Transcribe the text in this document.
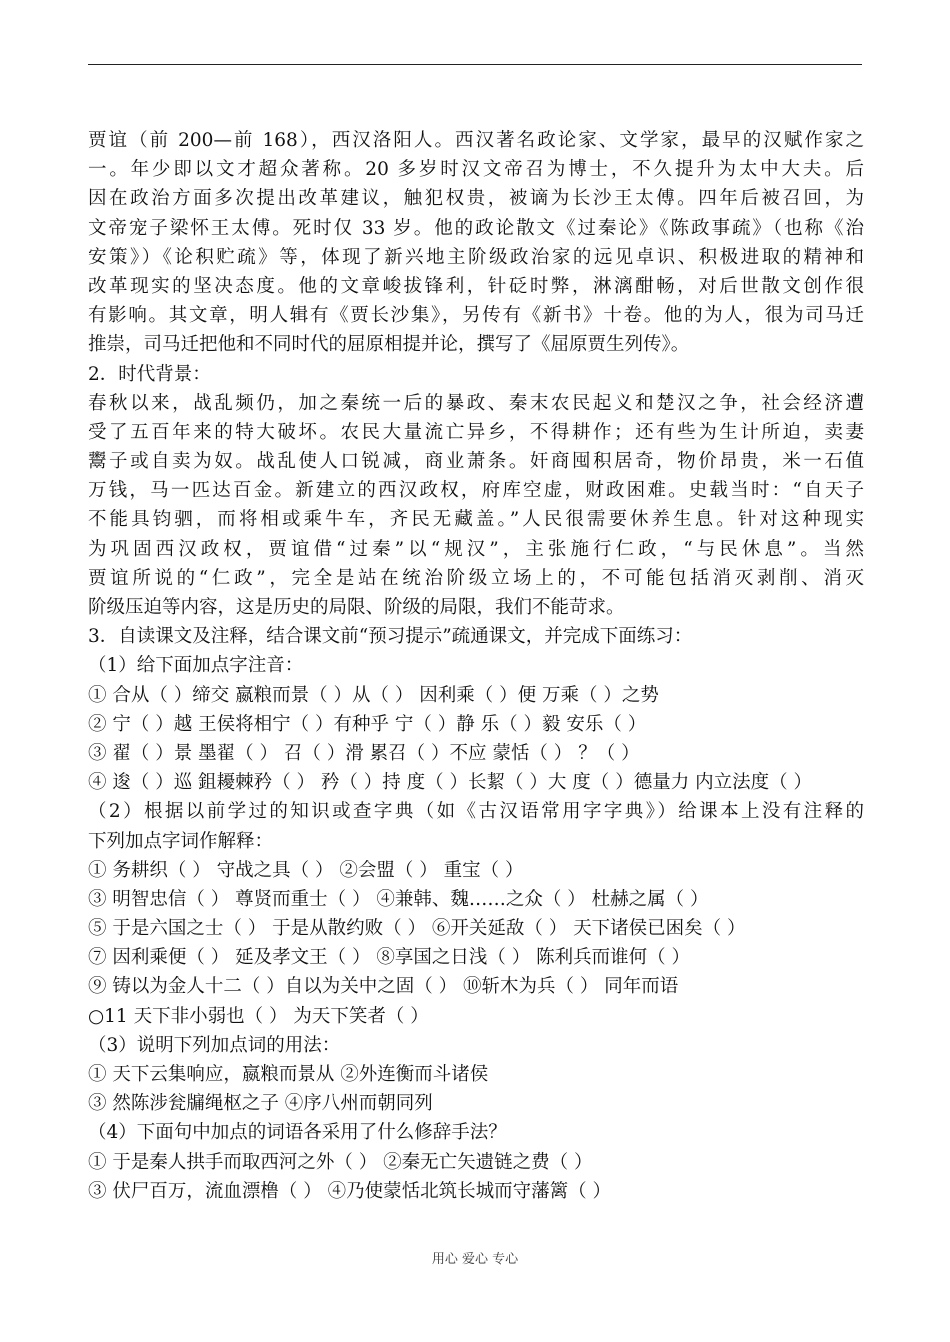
贾谊（前 200—前 168），西汉洛阳人。西汉著名政论家、文学家，最早的汉赋作家之
一。年少即以文才超众著称。20 多岁时汉文帝召为博士，不久提升为太中大夫。后
因在政治方面多次提出改革建议，触犯权贵，被谪为长沙王太傅。四年后被召回，为
文帝宠子梁怀王太傅。死时仅 33 岁。他的政论散文《过秦论》《陈政事疏》（也称《治
安策》）《论积贮疏》等，体现了新兴地主阶级政治家的远见卓识、积极进取的精神和
改革现实的坚决态度。他的文章峻拔锋利，针砭时弊，淋漓酣畅，对后世散文创作很
有影响。其文章，明人辑有《贾长沙集》，另传有《新书》十卷。他的为人，很为司马迁
推崇，司马迁把他和不同时代的屈原相提并论，撰写了《屈原贾生列传》。
2．时代背景：
春秋以来，战乱频仍，加之秦统一后的暴政、秦末农民起义和楚汉之争，社会经济遭
受了五百年来的特大破坏。农民大量流亡异乡，不得耕作；还有些为生计所迫，卖妻
鬻子或自卖为奴。战乱使人口锐减，商业萧条。奸商囤积居奇，物价昂贵，米一石值
万钱，马一匹达百金。新建立的西汉政权，府库空虚，财政困难。史载当时：“自天子
不能具钧驷，而将相或乘牛车，齐民无藏盖。”人民很需要休养生息。针对这种现实
为巩固西汉政权，贾谊借“过秦”以“规汉”，主张施行仁政，“与民休息”。当然
贾谊所说的“仁政”，完全是站在统治阶级立场上的，不可能包括消灭剥削、消灭
阶级压迫等内容，这是历史的局限、阶级的局限，我们不能苛求。
3．自读课文及注释，结合课文前“预习提示”疏通课文，并完成下面练习：
（1）给下面加点字注音：
① 合从（ ）缔交 嬴粮而景（ ）从（ ） 因利乘（ ）便 万乘（ ）之势
② 宁（ ）越 王侯将相宁（ ）有种乎 宁（ ）静 乐（ ）毅 安乐（ ）
③ 翟（ ）景 墨翟（ ） 召（ ）滑 累召（ ）不应 蒙恬（ ） ？（ ）
④ 逡（ ）巡 鉏耰棘矜（ ） 矜（ ）持 度（ ）长絜（ ）大 度（ ）德量力 内立法度（ ）
（2）根据以前学过的知识或查字典（如《古汉语常用字字典》）给课本上没有注释的
下列加点字词作解释：
① 务耕织（ ） 守战之具（ ） ②会盟（ ） 重宝（ ）
③ 明智忠信（ ） 尊贤而重士（ ） ④兼韩、魏……之众（ ） 杜赫之属（ ）
⑤ 于是六国之士（ ） 于是从散约败（ ） ⑥开关延敌（ ） 天下诸侯已困矣（ ）
⑦ 因利乘便（ ） 延及孝文王（ ） ⑧享国之日浅（ ） 陈利兵而谁何（ ）
⑨ 铸以为金人十二（ ）自以为关中之固（ ） ⑩斩木为兵（ ） 同年而语
○11 天下非小弱也（ ） 为天下笑者（ ）
（3）说明下列加点词的用法：
① 天下云集响应，嬴粮而景从 ②外连衡而斗诸侯
③ 然陈涉瓮牖绳枢之子 ④序八州而朝同列
（4）下面句中加点的词语各采用了什么修辞手法？
① 于是秦人拱手而取西河之外（ ） ②秦无亡矢遗链之费（ ）
③ 伏尸百万，流血漂橹（ ） ④乃使蒙恬北筑长城而守藩篱（ ）
用心 爱心 专心
